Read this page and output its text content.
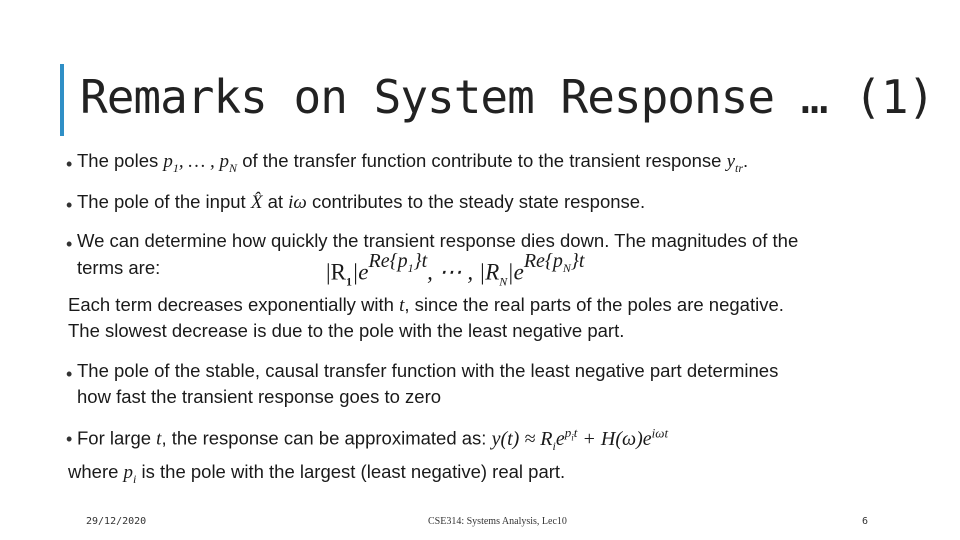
Remarks on System Response … (1)
• The poles $p_1$, … , $p_N$ of the transfer function contribute to the transient response $y_{tr}$.
• The pole of the input X̂ at iω contributes to the steady state response.
• We can determine how quickly the transient response dies down. The magnitudes of the
terms are:	$|R_1|e^{Re\{p_1\}t}$, ⋯ , $|R_N|e^{Re\{p_N\}t}$
Each term decreases exponentially with t, since the real parts of the poles are negative.
The slowest decrease is due to the pole with the least negative part.
• The pole of the stable, causal transfer function with the least negative part determines
how fast the transient response goes to zero
• For large t, the response can be approximated as: $y(t) \approx R_ie^{p_it} + H(\omega)e^{i\omega t}$
where $p_i$ is the pole with the largest (least negative) real part.
29/12/2020	CSE314: Systems Analysis, Lec10	6
